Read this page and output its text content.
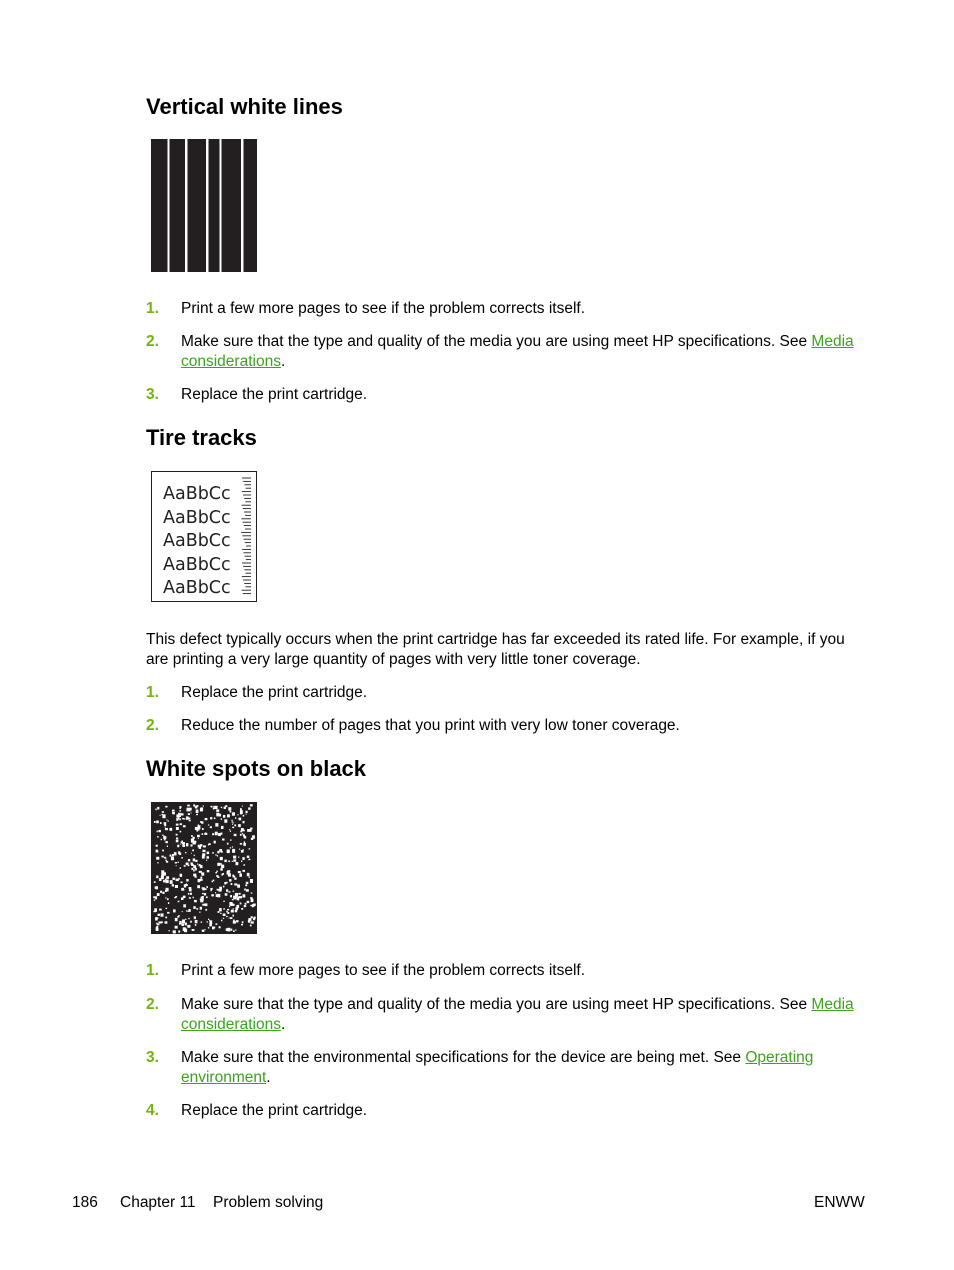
Vertical white lines
1. Print a few more pages to see if the problem corrects itself.
2. Make sure that the type and quality of the media you are using meet HP specifications. See Media
considerations.
3. Replace the print cartridge.
Tire tracks
AaBbCc
AaBbCc
AaBbCc
AaBbCc
AaBbCc
This defect typically occurs when the print cartridge has far exceeded its rated life. For example, if you are printing a very large quantity of pages with very little toner coverage.
1. Replace the print cartridge.
2. Reduce the number of pages that you print with very low toner coverage.
White spots on black
1. Print a few more pages to see if the problem corrects itself.
2. Make sure that the type and quality of the media you are using meet HP specifications. See Media
considerations.
3. Make sure that the environmental specifications for the device are being met. See Operating
environment.
4. Replace the print cartridge.
186 Chapter 11 Problem solving	ENWW
